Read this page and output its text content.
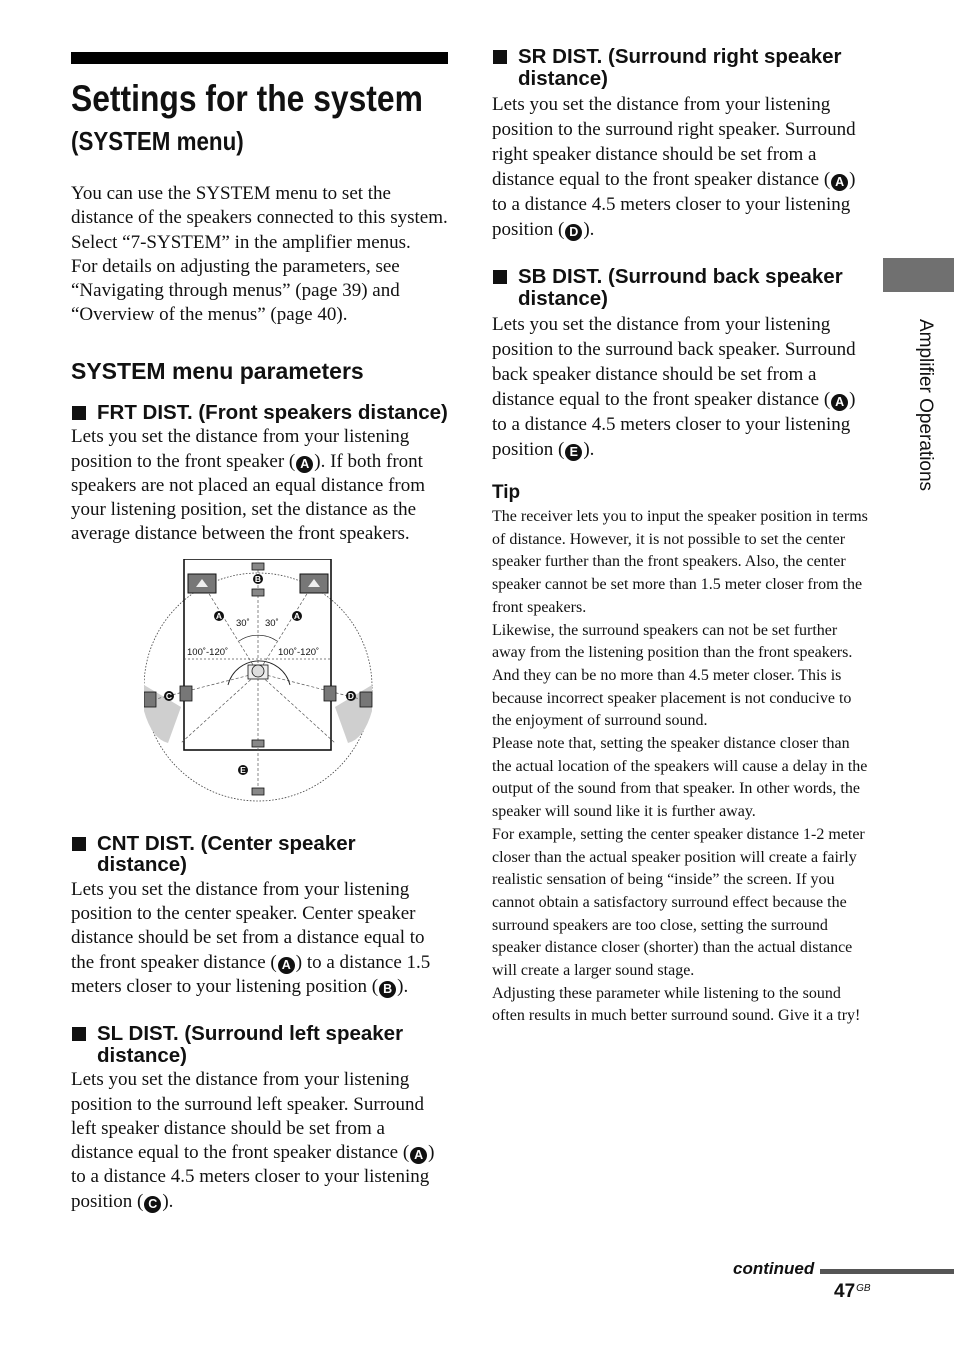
Settings for the system
(SYSTEM menu)

You can use the SYSTEM menu to set the distance of the speakers connected to this system.

Select “7-SYSTEM” in the amplifier menus.

For details on adjusting the parameters, see “Navigating through menus” (page 39) and “Overview of the menus” (page 40).

SYSTEM menu parameters
FRT DIST. (Front speakers distance)
Lets you set the distance from your listening position to the front speaker ( A ). If both front speakers are not placed an equal distance from your listening position, set the distance as the average distance between the front speakers.
B
A	A
C	D
E
30˚ 30˚
100˚-120˚	100˚-120˚
CNT DIST. (Center speaker distance)
Lets you set the distance from your listening position to the center speaker. Center speaker distance should be set from a distance equal to the front speaker distance ( A ) to a distance 1.5 meters closer to your listening position ( B ).
SL DIST. (Surround left speaker distance)
Lets you set the distance from your listening position to the surround left speaker. Surround left speaker distance should be set from a distance equal to the front speaker distance ( A ) to a distance 4.5 meters closer to your listening position ( C ).
SR DIST. (Surround right speaker distance)
Lets you set the distance from your listening position to the surround right speaker. Surround right speaker distance should be set from a distance equal to the front speaker distance ( A ) to a distance 4.5 meters closer to your listening position ( D ).
SB DIST. (Surround back speaker distance)
Lets you set the distance from your listening position to the surround back speaker. Surround back speaker distance should be set from a distance equal to the front speaker distance ( A ) to a distance 4.5 meters closer to your listening position ( E ).
Tip

The receiver lets you to input the speaker position in terms of distance. However, it is not possible to set the center speaker further than the front speakers. Also, the center speaker cannot be set more than 1.5 meter closer from the front speakers.

Likewise, the surround speakers can not be set further away from the listening position than the front speakers. And they can be no more than 4.5 meter closer. This is because incorrect speaker placement is not conducive to the enjoyment of surround sound.

Please note that, setting the speaker distance closer than the actual location of the speakers will cause a delay in the output of the sound from that speaker. In other words, the speaker will sound like it is further away.

For example, setting the center speaker distance 1-2 meter closer than the actual speaker position will create a fairly realistic sensation of being “inside” the screen. If you cannot obtain a satisfactory surround effect because the surround speakers are too close, setting the surround speaker distance closer (shorter) than the actual distance will create a larger sound stage.

Adjusting these parameter while listening to the sound often results in much better surround sound. Give it a try!

Amplifier Operations
continued
$47^{GB}$
